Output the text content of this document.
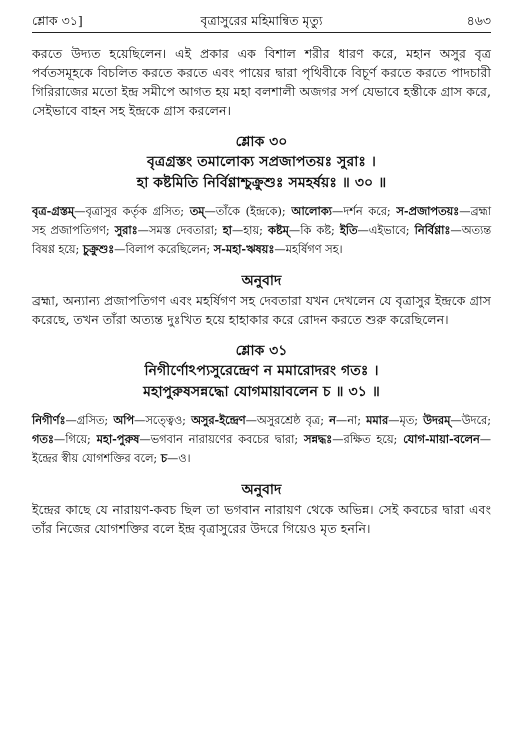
শ্লোক ৩১]	বৃত্রাসুরের মহিমান্বিত মৃত্যু	৪৬৩

করতে উদ্যত হয়েছিলেন। এই প্রকার এক বিশাল শরীর ধারণ করে, মহান অসুর বৃত্র পর্বতসমূহকে বিচলিত করতে করতে এবং পায়ের দ্বারা পৃথিবীকে বিচূর্ণ করতে করতে পাদচারী গিরিরাজের মতো ইন্দ্র সমীপে আগত হয় মহা বলশালী অজগর সর্প যেভাবে হস্তীকে গ্রাস করে, সেইভাবে বাহন সহ ইন্দ্রকে গ্রাস করলেন।

শ্লোক ৩০
বৃত্রগ্রস্তং তমালোক্য সপ্রজাপতয়ঃ সুরাঃ ।
হা কষ্টমিতি নির্বিণ্ণাশ্চুক্রুশুঃ সমহর্ষয়ঃ ॥ ৩০ ॥

বৃত্র-গ্রস্তম্—বৃত্রাসুর কর্তৃক গ্রসিত; তম্—তাঁকে (ইন্দ্রকে); আলোক্য—দর্শন করে; স-প্রজাপতয়ঃ—ব্রহ্মা সহ প্রজাপতিগণ; সুরাঃ—সমস্ত দেবতারা; হা—হায়; কষ্টম্—কি কষ্ট; ইতি—এইভাবে; নির্বিণ্ণাঃ—অত্যন্ত বিষণ্ণ হয়ে; চুক্রুশুঃ—বিলাপ করেছিলেন; স-মহা-ঋষয়ঃ—মহর্ষিগণ সহ।

অনুবাদ

ব্রহ্মা, অন্যান্য প্রজাপতিগণ এবং মহর্ষিগণ সহ দেবতারা যখন দেখলেন যে বৃত্রাসুর ইন্দ্রকে গ্রাস করেছে, তখন তাঁরা অত্যন্ত দুঃখিত হয়ে হাহাকার করে রোদন করতে শুরু করেছিলেন।

শ্লোক ৩১
নিগীর্ণোঽপ্যসুরেন্দ্রেণ ন মমারোদরং গতঃ ।
মহাপুরুষসন্নদ্ধো যোগমায়াবলেন চ ॥ ৩১ ॥

নিগীর্ণঃ—গ্রসিত; অপি—সত্ত্বেও; অসুর-ইন্দ্রেণ—অসুরশ্রেষ্ঠ বৃত্র; ন—না; মমার—মৃত; উদরম্—উদরে; গতঃ—গিয়ে; মহা-পুরুষ—ভগবান নারায়ণের কবচের দ্বারা; সন্নদ্ধঃ—রক্ষিত হয়ে; যোগ-মায়া-বলেন—ইন্দ্রের স্বীয় যোগশক্তির বলে; চ—ও।

অনুবাদ

ইন্দ্রের কাছে যে নারায়ণ-কবচ ছিল তা ভগবান নারায়ণ থেকে অভিন্ন। সেই কবচের দ্বারা এবং তাঁর নিজের যোগশক্তির বলে ইন্দ্র বৃত্রাসুরের উদরে গিয়েও মৃত হননি।
